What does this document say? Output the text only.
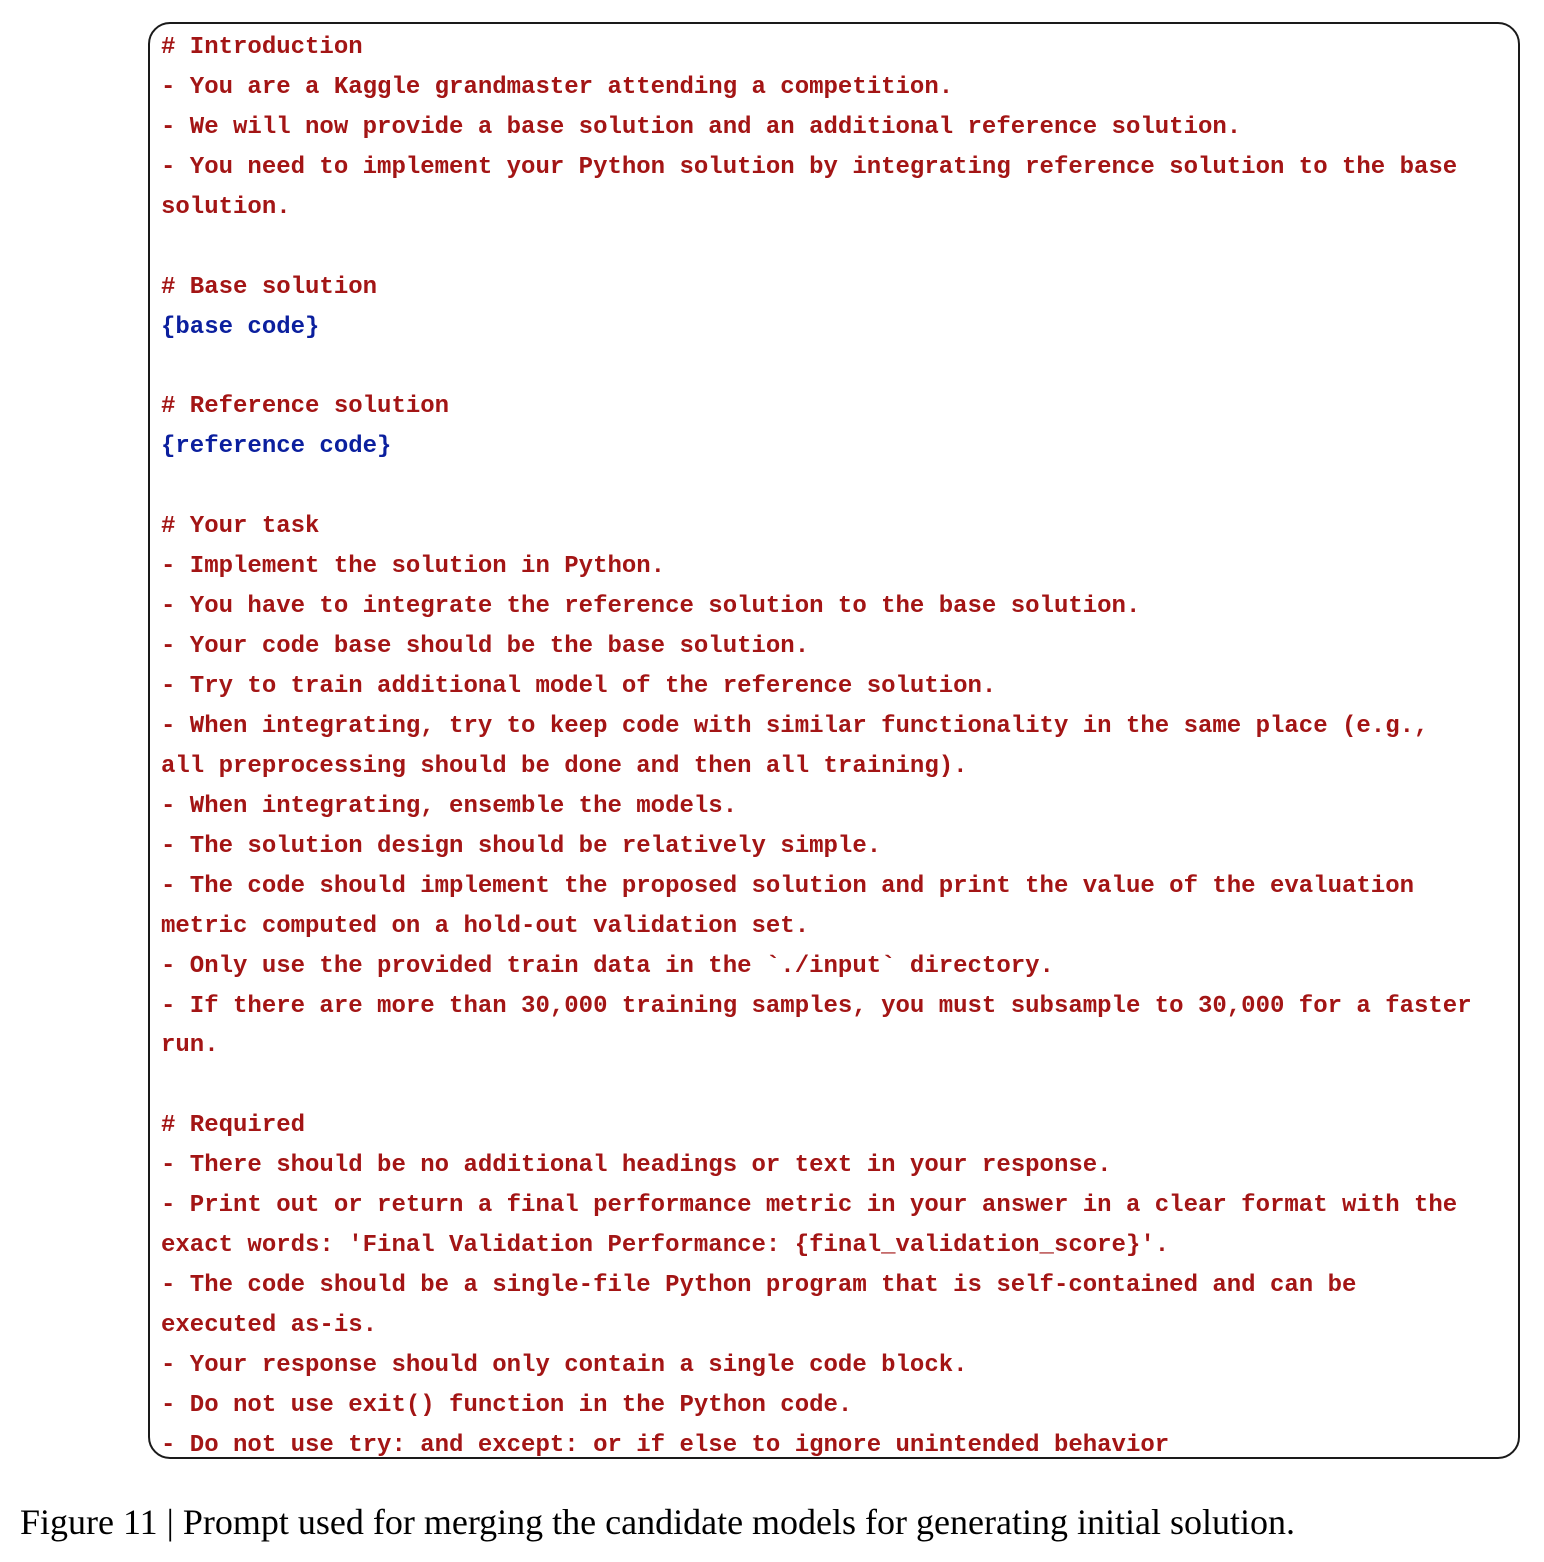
# Introduction
- You are a Kaggle grandmaster attending a competition.
- We will now provide a base solution and an additional reference solution.
- You need to implement your Python solution by integrating reference solution to the base
solution.
# Base solution
{base code}
# Reference solution
{reference code}
# Your task
- Implement the solution in Python.
- You have to integrate the reference solution to the base solution.
- Your code base should be the base solution.
- Try to train additional model of the reference solution.
- When integrating, try to keep code with similar functionality in the same place (e.g.,
all preprocessing should be done and then all training).
- When integrating, ensemble the models.
- The solution design should be relatively simple.
- The code should implement the proposed solution and print the value of the evaluation
metric computed on a hold-out validation set.
- Only use the provided train data in the `./input` directory.
- If there are more than 30,000 training samples, you must subsample to 30,000 for a faster
run.
# Required
- There should be no additional headings or text in your response.
- Print out or return a final performance metric in your answer in a clear format with the
exact words: 'Final Validation Performance: {final_validation_score}'.
- The code should be a single-file Python program that is self-contained and can be
executed as-is.
- Your response should only contain a single code block.
- Do not use exit() function in the Python code.
- Do not use try: and except: or if else to ignore unintended behavior

Figure 11 | Prompt used for merging the candidate models for generating initial solution.
